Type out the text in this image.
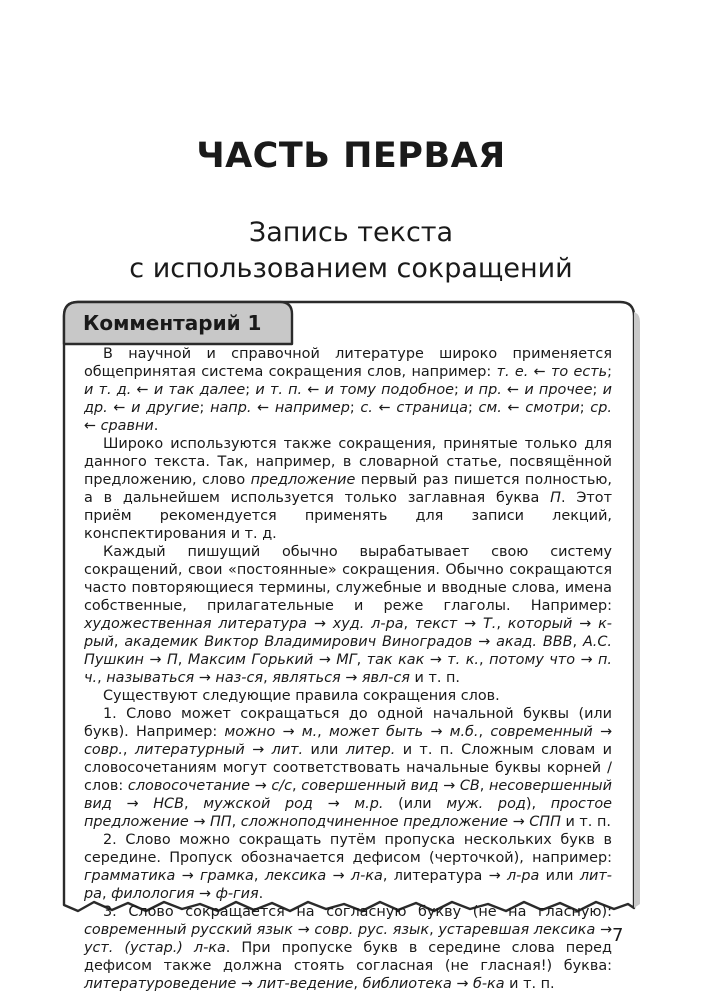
ЧАСТЬ ПЕРВАЯ
Запись текста
с использованием сокращений
Комментарий 1

В научной и справочной литературе широко применяется общепринятая система сокращения слов, например: т. е. ← то есть; и т. д. ← и так далее; и т. п. ← и тому подобное; и пр. ← и прочее; и др. ← и другие; напр. ← например; с. ← страница; см. ← смотри; ср. ← сравни.

Широко используются также сокращения, принятые только для данного текста. Так, например, в словарной статье, посвящённой предложению, слово предложение первый раз пишется полностью, а в дальнейшем используется только заглавная буква П. Этот приём рекомендуется применять для записи лекций, конспектирования и т. д.

Каждый пишущий обычно вырабатывает свою систему сокращений, свои «постоянные» сокращения. Обычно сокращаются часто повторяющиеся термины, служебные и вводные слова, имена собственные, прилагательные и реже глаголы. Например: художественная литература → худ. л-ра, текст → Т., который → к-рый, академик Виктор Владимирович Виноградов → акад. ВВВ, А.С. Пушкин → П, Максим Горький → МГ, так как → т. к., потому что → п. ч., называться → наз-ся, являться → явл-ся и т. п.

Существуют следующие правила сокращения слов.

1. Слово может сокращаться до одной начальной буквы (или букв). Например: можно → м., может быть → м.б., современный → совр., литературный → лит. или литер. и т. п. Сложным словам и словосочетаниям могут соответствовать начальные буквы корней / слов: словосочетание → с/с, совершенный вид → СВ, несовершенный вид → НСВ, мужской род → м.р. (или муж. род), простое предложение → ПП, сложноподчиненное предложение → СПП и т. п.

2. Слово можно сокращать путём пропуска нескольких букв в середине. Пропуск обозначается дефисом (черточкой), например: грамматика → грамка, лексика → л-ка, литература → л-ра или лит-ра, филология → ф-гия.

3. Слово сокращается на согласную букву (не на гласную): современный русский язык → совр. рус. язык, устаревшая лексика → уст. (устар.) л-ка. При пропуске букв в середине слова перед дефисом также должна стоять согласная (не гласная!) буква: литературоведение → лит-ведение, библиотека → б-ка и т. п.

7
